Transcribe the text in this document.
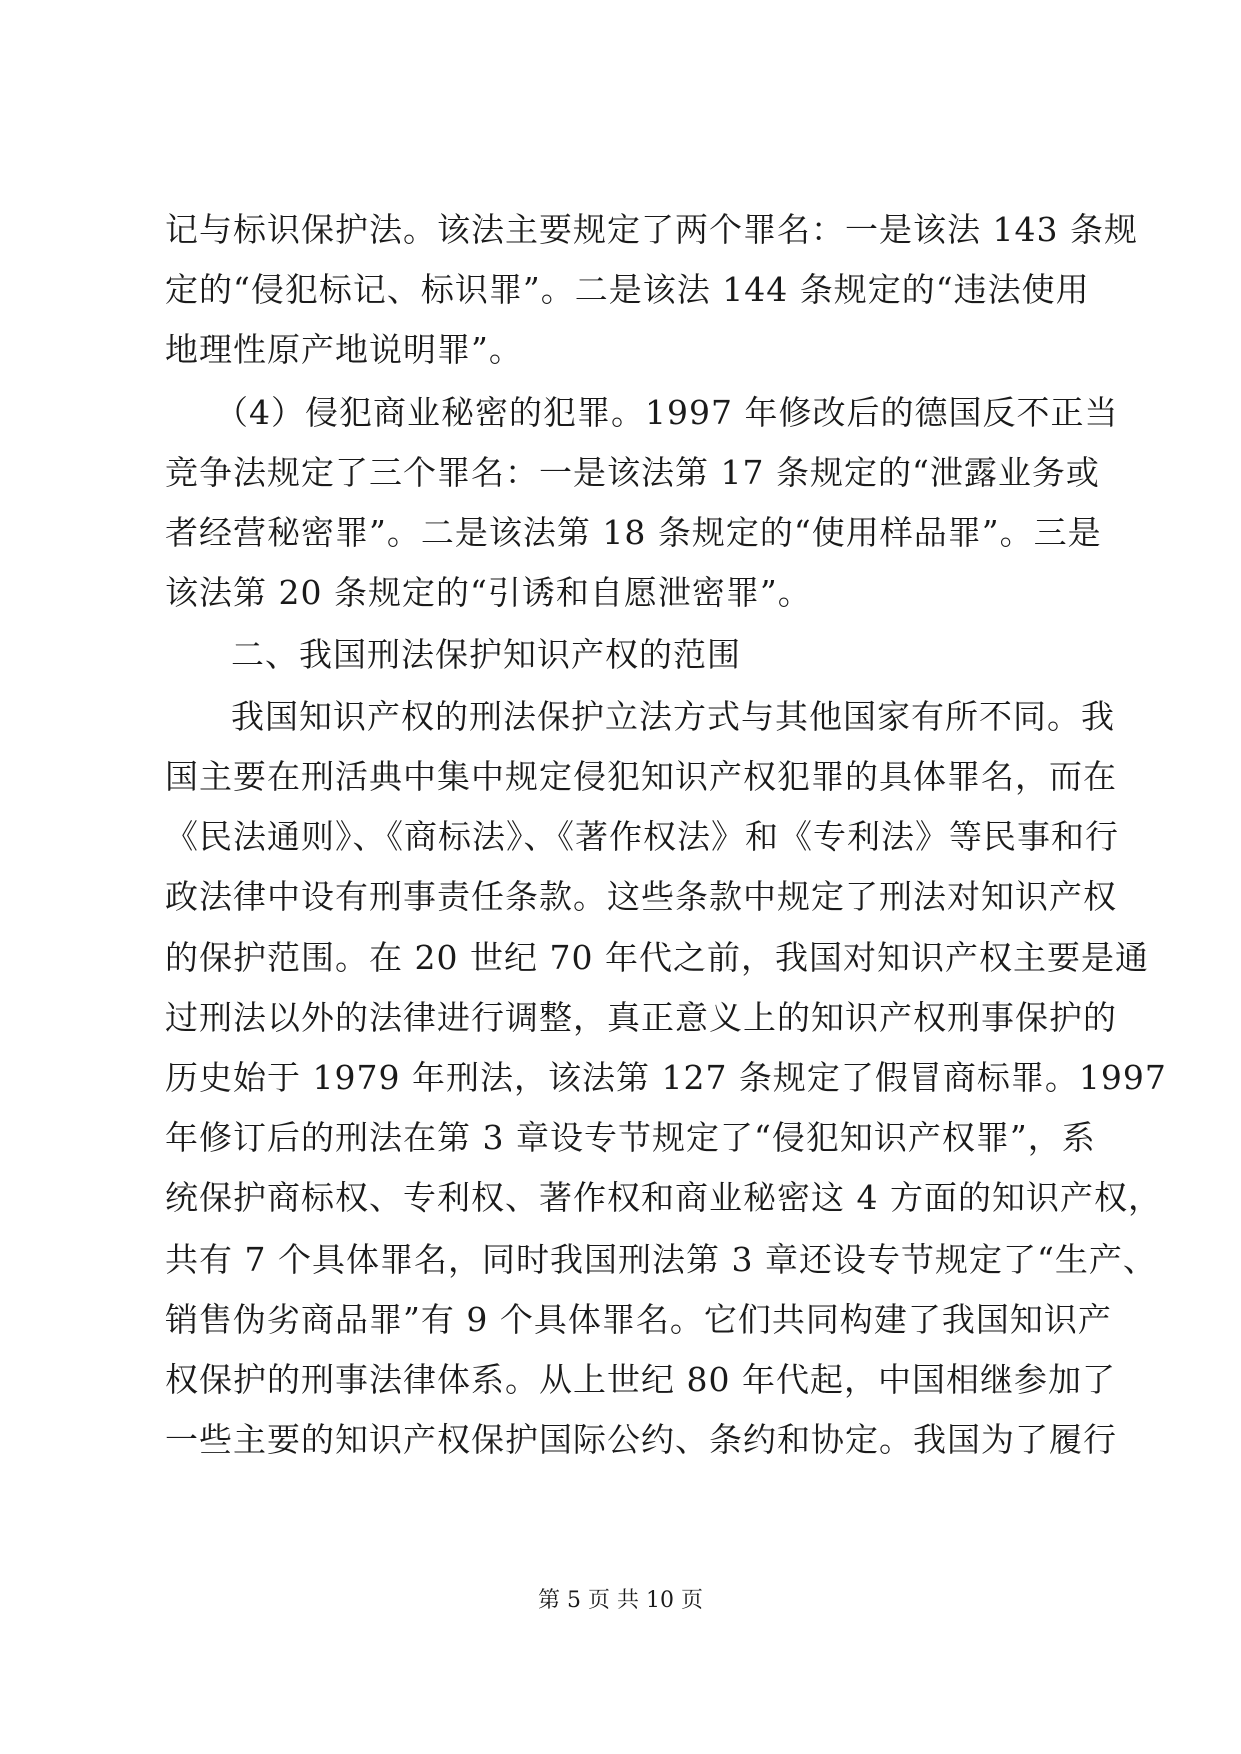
记与标识保护法。该法主要规定了两个罪名：一是该法 143 条规
定的“侵犯标记、标识罪”。二是该法 144 条规定的“违法使用
地理性原产地说明罪”。
（4）侵犯商业秘密的犯罪。1997 年修改后的德国反不正当
竞争法规定了三个罪名：一是该法第 17 条规定的“泄露业务或
者经营秘密罪”。二是该法第 18 条规定的“使用样品罪”。三是
该法第 20 条规定的“引诱和自愿泄密罪”。
二、我国刑法保护知识产权的范围
我国知识产权的刑法保护立法方式与其他国家有所不同。我
国主要在刑活典中集中规定侵犯知识产权犯罪的具体罪名，而在
《民法通则》、《商标法》、《著作权法》和《专利法》等民事和行
政法律中设有刑事责任条款。这些条款中规定了刑法对知识产权
的保护范围。在 20 世纪 70 年代之前，我国对知识产权主要是通
过刑法以外的法律进行调整，真正意义上的知识产权刑事保护的
历史始于 1979 年刑法，该法第 127 条规定了假冒商标罪。1997
年修订后的刑法在第 3 章设专节规定了“侵犯知识产权罪”，系
统保护商标权、专利权、著作权和商业秘密这 4 方面的知识产权，
共有 7 个具体罪名，同时我国刑法第 3 章还设专节规定了“生产、
销售伪劣商品罪”有 9 个具体罪名。它们共同构建了我国知识产
权保护的刑事法律体系。从上世纪 80 年代起，中国相继参加了
一些主要的知识产权保护国际公约、条约和协定。我国为了履行
第 5 页 共 10 页
